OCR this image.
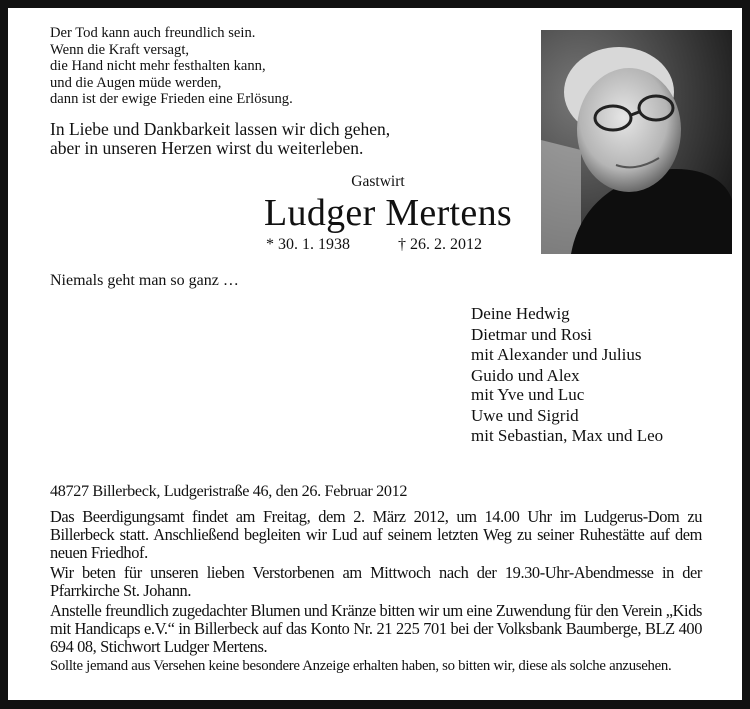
Der Tod kann auch freundlich sein.
Wenn die Kraft versagt,
die Hand nicht mehr festhalten kann,
und die Augen müde werden,
dann ist der ewige Frieden eine Erlösung.
In Liebe und Dankbarkeit lassen wir dich gehen,
aber in unseren Herzen wirst du weiterleben.
Gastwirt
Ludger Mertens
* 30. 1. 1938	† 26. 2. 2012
Niemals geht man so ganz …
Deine Hedwig
Dietmar und Rosi
mit Alexander und Julius
Guido und Alex
mit Yve und Luc
Uwe und Sigrid
mit Sebastian, Max und Leo
48727 Billerbeck, Ludgeristraße 46, den 26. Februar 2012

Das Beerdigungsamt findet am Freitag, dem 2. März 2012, um 14.00 Uhr im Ludgerus-Dom zu Billerbeck statt. Anschließend begleiten wir Lud auf seinem letzten Weg zu seiner Ruhestätte auf dem neuen Friedhof.

Wir beten für unseren lieben Verstorbenen am Mittwoch nach der 19.30-Uhr-Abendmesse in der Pfarrkirche St. Johann.

Anstelle freundlich zugedachter Blumen und Kränze bitten wir um eine Zuwendung für den Verein „Kids mit Handicaps e.V.“ in Billerbeck auf das Konto Nr. 21 225 701 bei der Volksbank Baumberge, BLZ 400 694 08, Stichwort Ludger Mertens.

Sollte jemand aus Versehen keine besondere Anzeige erhalten haben, so bitten wir, diese als solche anzusehen.
